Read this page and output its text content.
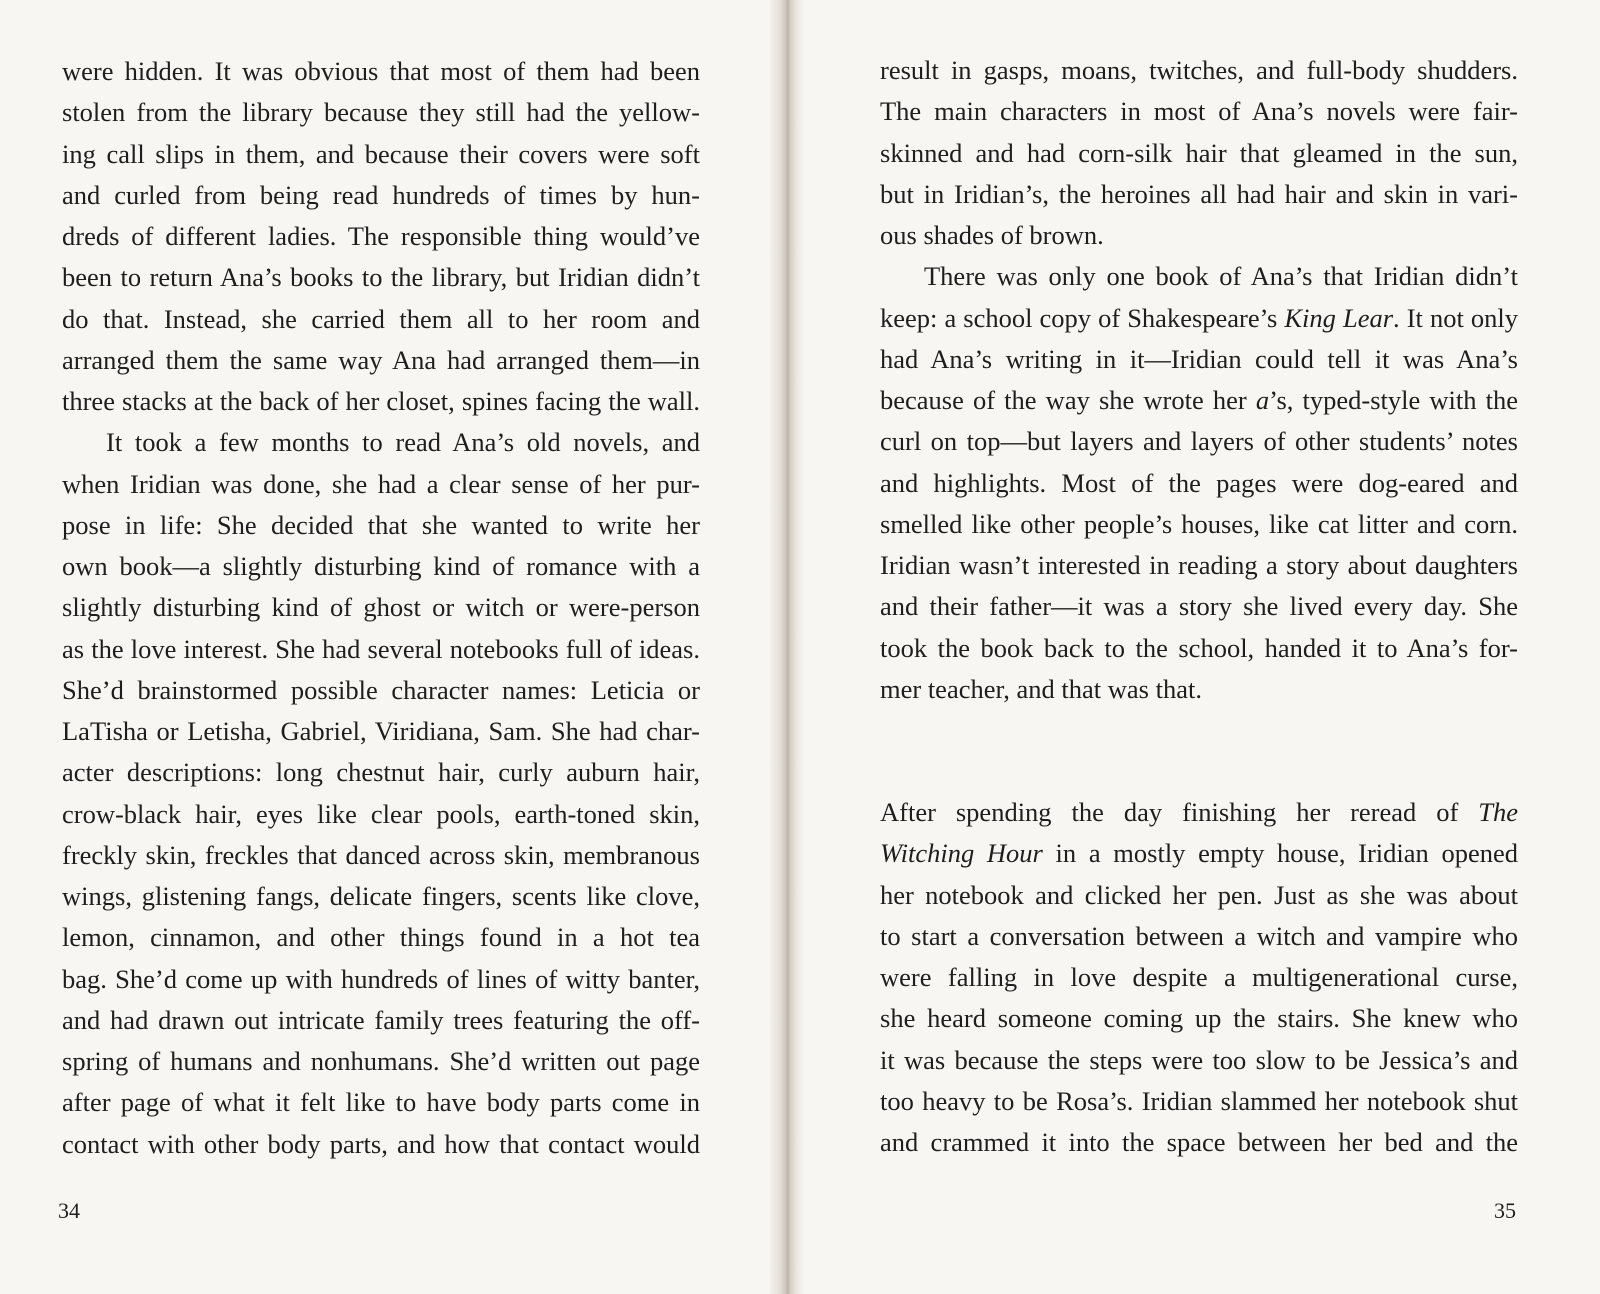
were hidden. It was obvious that most of them had been
stolen from the library because they still had the yellow-
ing call slips in them, and because their covers were soft
and curled from being read hundreds of times by hun-
dreds of different ladies. The responsible thing would’ve
been to return Ana’s books to the library, but Iridian didn’t
do that. Instead, she carried them all to her room and
arranged them the same way Ana had arranged them—in
three stacks at the back of her closet, spines facing the wall.
It took a few months to read Ana’s old novels, and
when Iridian was done, she had a clear sense of her pur-
pose in life: She decided that she wanted to write her
own book—a slightly disturbing kind of romance with a
slightly disturbing kind of ghost or witch or were-person
as the love interest. She had several notebooks full of ideas.
She’d brainstormed possible character names: Leticia or
LaTisha or Letisha, Gabriel, Viridiana, Sam. She had char-
acter descriptions: long chestnut hair, curly auburn hair,
crow-black hair, eyes like clear pools, earth-toned skin,
freckly skin, freckles that danced across skin, membranous
wings, glistening fangs, delicate fingers, scents like clove,
lemon, cinnamon, and other things found in a hot tea
bag. She’d come up with hundreds of lines of witty banter,
and had drawn out intricate family trees featuring the off-
spring of humans and nonhumans. She’d written out page
after page of what it felt like to have body parts come in
contact with other body parts, and how that contact would
result in gasps, moans, twitches, and full-body shudders.
The main characters in most of Ana’s novels were fair-
skinned and had corn-silk hair that gleamed in the sun,
but in Iridian’s, the heroines all had hair and skin in vari-
ous shades of brown.
There was only one book of Ana’s that Iridian didn’t
keep: a school copy of Shakespeare’s King Lear. It not only
had Ana’s writing in it—Iridian could tell it was Ana’s
because of the way she wrote her a’s, typed-style with the
curl on top—but layers and layers of other students’ notes
and highlights. Most of the pages were dog-eared and
smelled like other people’s houses, like cat litter and corn.
Iridian wasn’t interested in reading a story about daughters
and their father—it was a story she lived every day. She
took the book back to the school, handed it to Ana’s for-
mer teacher, and that was that.
After spending the day finishing her reread of The
Witching Hour in a mostly empty house, Iridian opened
her notebook and clicked her pen. Just as she was about
to start a conversation between a witch and vampire who
were falling in love despite a multigenerational curse,
she heard someone coming up the stairs. She knew who
it was because the steps were too slow to be Jessica’s and
too heavy to be Rosa’s. Iridian slammed her notebook shut
and crammed it into the space between her bed and the
34	35
